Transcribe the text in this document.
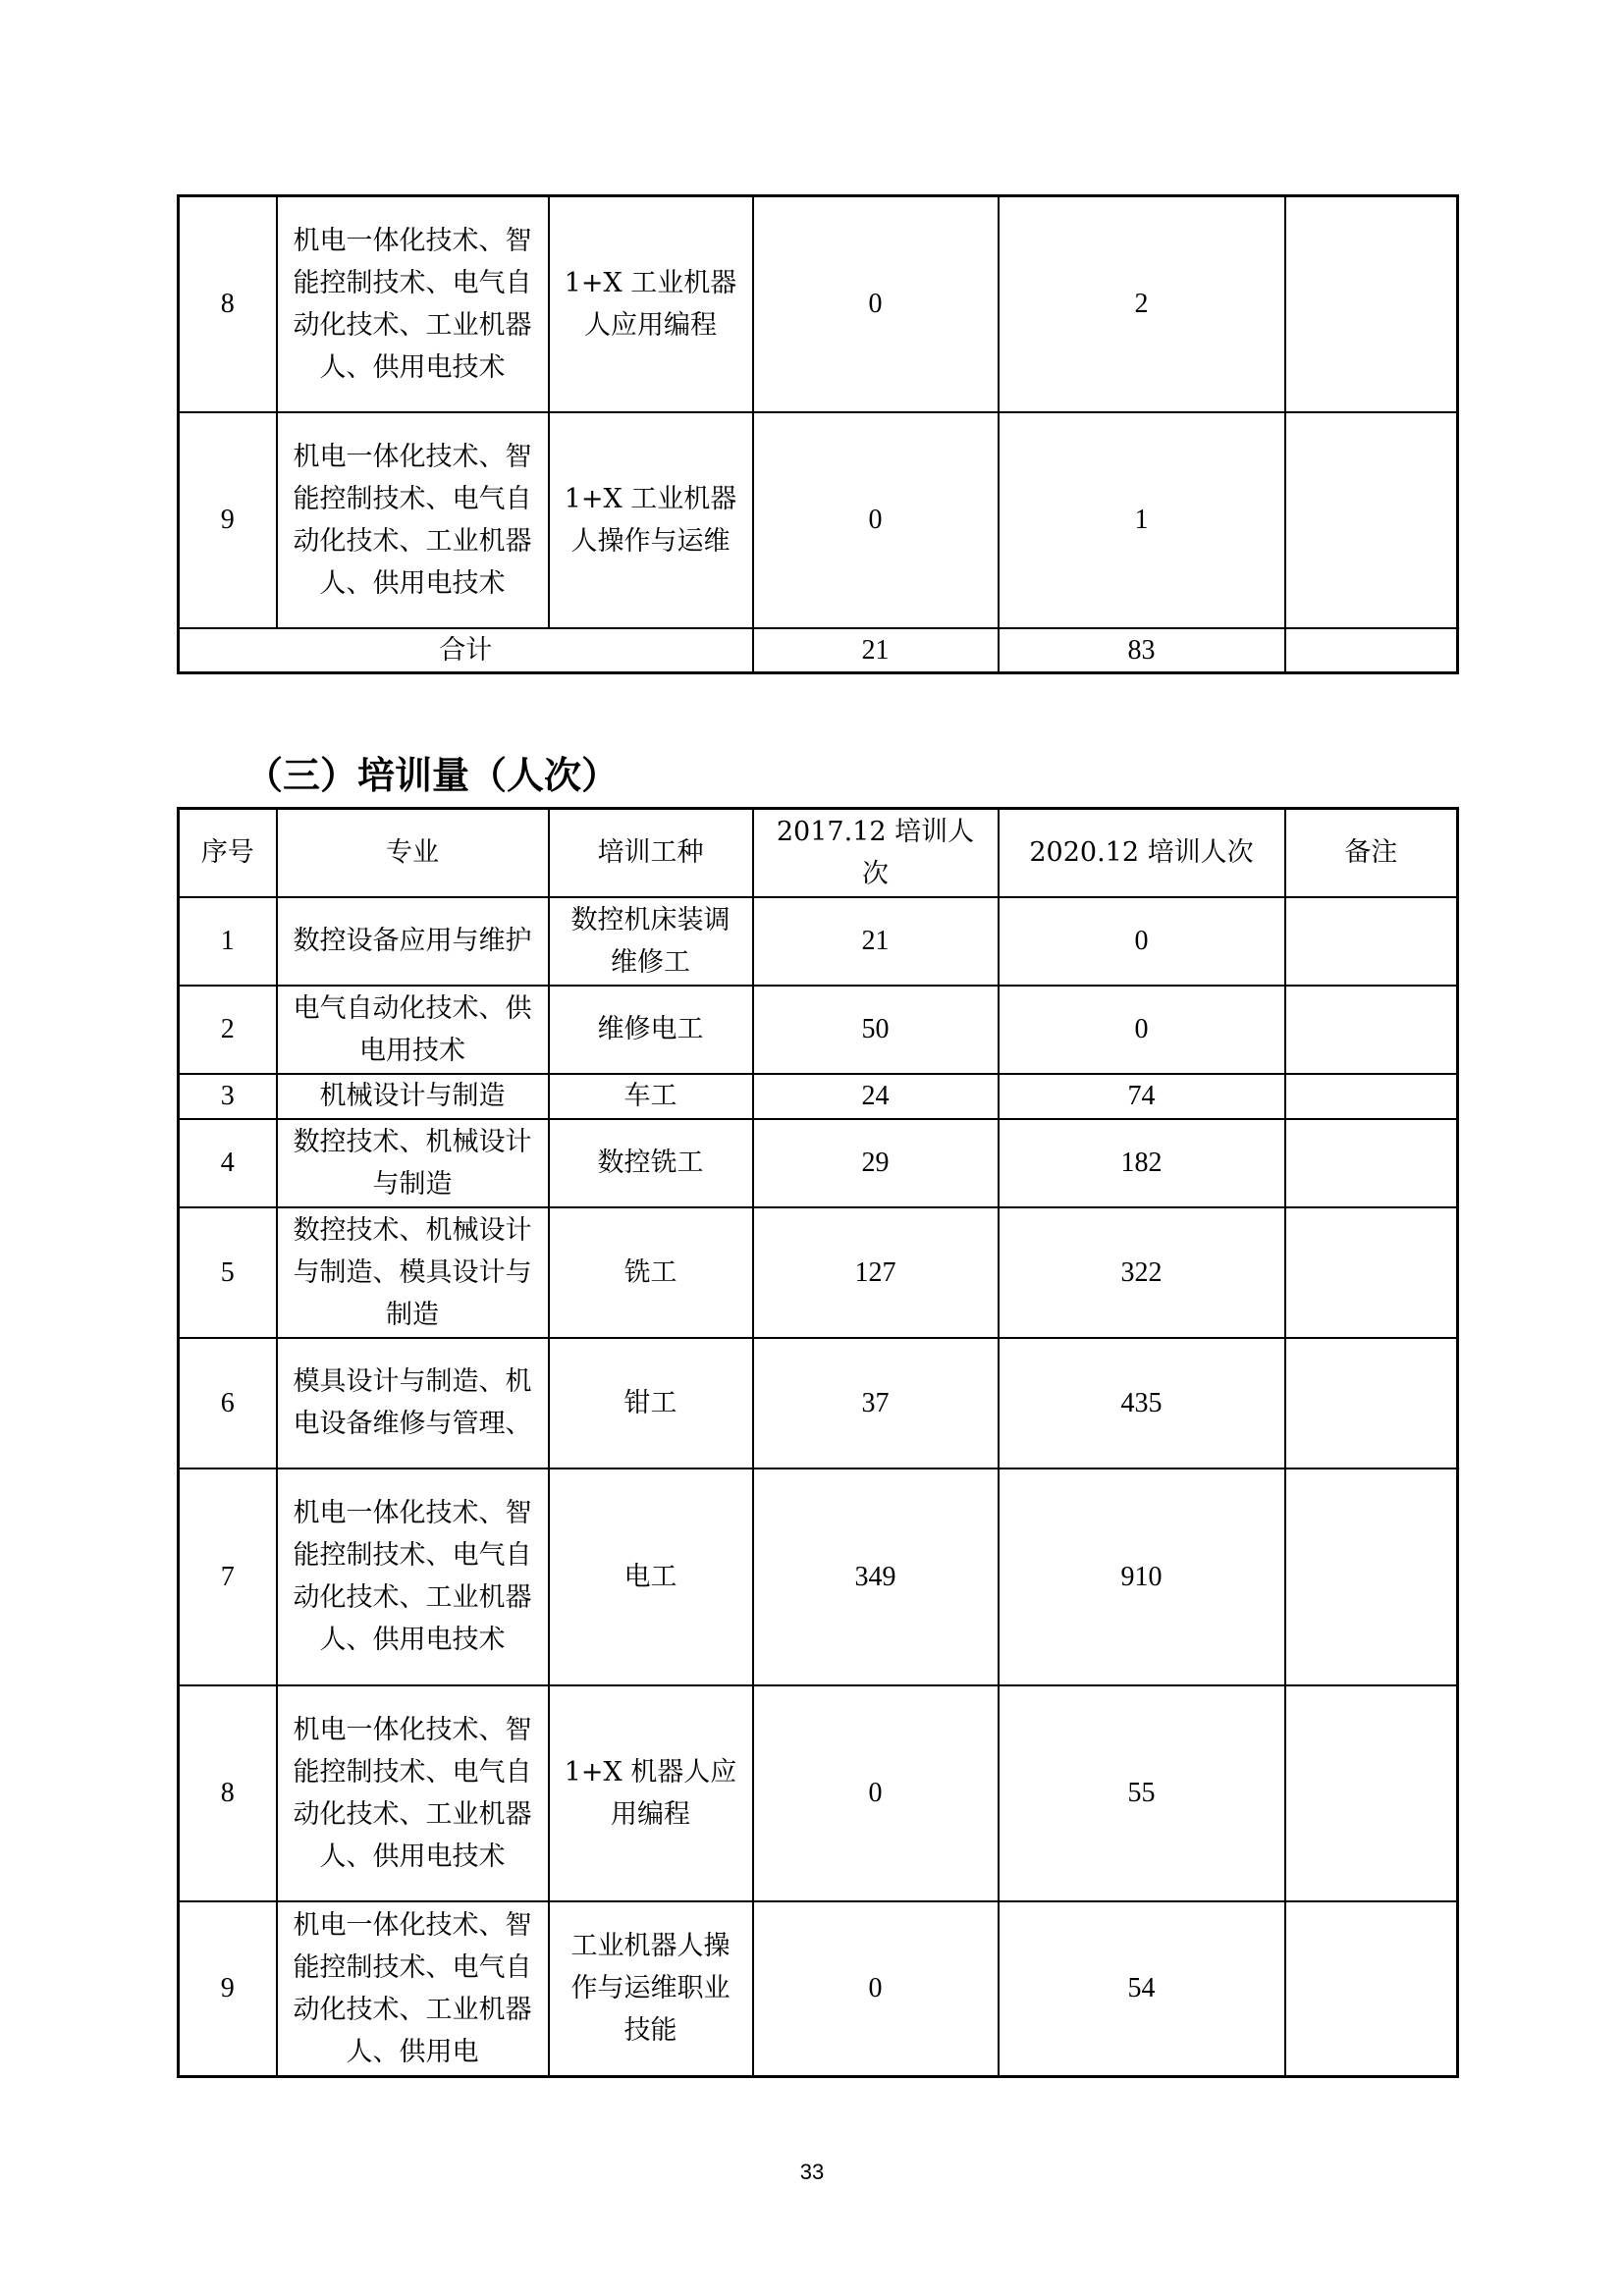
8	机电一体化技术、智能控制技术、电气自动化技术、工业机器人、供用电技术	1+X 工业机器人应用编程	0	2	
9	机电一体化技术、智能控制技术、电气自动化技术、工业机器人、供用电技术	1+X 工业机器人操作与运维	0	1	
合计			21	83	
（三）培训量（人次）
序号	专业	培训工种	2017.12 培训人次	2020.12 培训人次	备注
1	数控设备应用与维护	数控机床装调维修工	21	0	
2	电气自动化技术、供电用技术	维修电工	50	0	
3	机械设计与制造	车工	24	74	
4	数控技术、机械设计与制造	数控铣工	29	182	
5	数控技术、机械设计与制造、模具设计与制造	铣工	127	322	
6	模具设计与制造、机电设备维修与管理、	钳工	37	435	
7	机电一体化技术、智能控制技术、电气自动化技术、工业机器人、供用电技术	电工	349	910	
8	机电一体化技术、智能控制技术、电气自动化技术、工业机器人、供用电技术	1+X 机器人应用编程	0	55	
9	机电一体化技术、智能控制技术、电气自动化技术、工业机器人、供用电	工业机器人操作与运维职业技能	0	54	
33
